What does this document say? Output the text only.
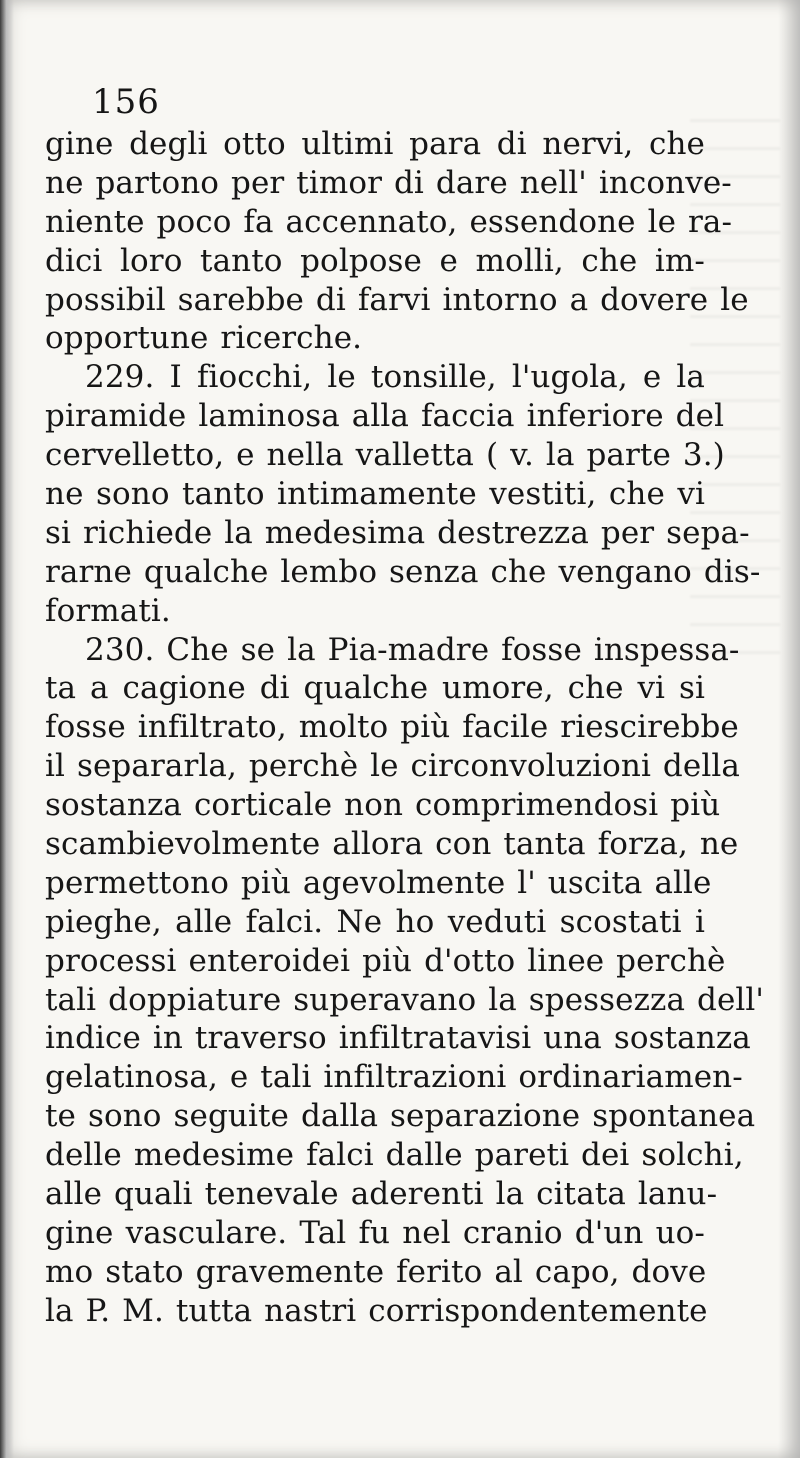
156
gine degli otto ultimi para di nervi, che
ne partono per timor di dare nell' inconve-
niente poco fa accennato, essendone le ra-
dici loro tanto polpose e molli, che im-
possibil sarebbe di farvi intorno a dovere le
opportune ricerche.
229. I fiocchi, le tonsille, l'ugola, e la
piramide laminosa alla faccia inferiore del
cervelletto, e nella valletta ( v. la parte 3.)
ne sono tanto intimamente vestiti, che vi
si richiede la medesima destrezza per sepa-
rarne qualche lembo senza che vengano dis-
formati.
230. Che se la Pia-madre fosse inspessa-
ta a cagione di qualche umore, che vi si
fosse infiltrato, molto più facile riescirebbe
il separarla, perchè le circonvoluzioni della
sostanza corticale non comprimendosi più
scambievolmente allora con tanta forza, ne
permettono più agevolmente l' uscita alle
pieghe, alle falci. Ne ho veduti scostati i
processi enteroidei più d'otto linee perchè
tali doppiature superavano la spessezza dell'
indice in traverso infiltratavisi una sostanza
gelatinosa, e tali infiltrazioni ordinariamen-
te sono seguite dalla separazione spontanea
delle medesime falci dalle pareti dei solchi,
alle quali tenevale aderenti la citata lanu-
gine vasculare. Tal fu nel cranio d'un uo-
mo stato gravemente ferito al capo, dove
la P. M. tutta nastri corrispondentemente
